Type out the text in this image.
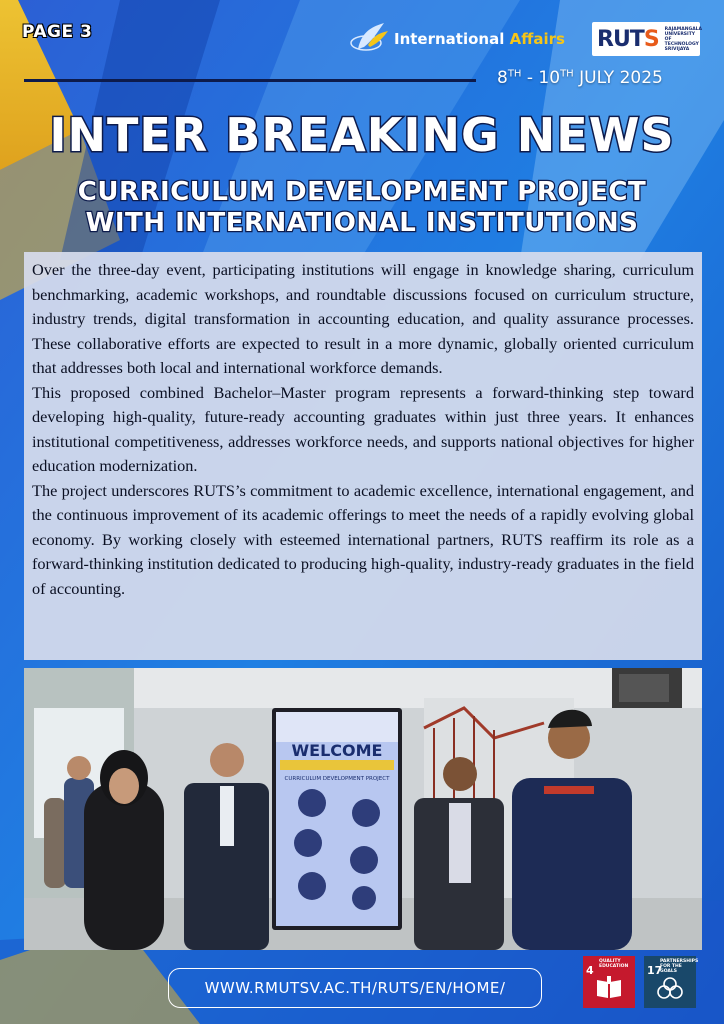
PAGE 3	International Affairs RUTS RAJAMANGALA
UNIVERSITY OF
TECHNOLOGY
SRIVIJAYA
8TH - 10TH JULY 2025
INTER BREAKING NEWS
CURRICULUM DEVELOPMENT PROJECT
WITH INTERNATIONAL INSTITUTIONS

Over the three-day event, participating institutions will engage in knowledge sharing, curriculum benchmarking, academic workshops, and roundtable discussions focused on curriculum structure, industry trends, digital transformation in accounting education, and quality assurance processes. These collaborative efforts are expected to result in a more dynamic, globally oriented curriculum that addresses both local and international workforce demands.

This proposed combined Bachelor–Master program represents a forward-thinking step toward developing high-quality, future-ready accounting graduates within just three years. It enhances institutional competitiveness, addresses workforce needs, and supports national objectives for higher education modernization.

The project underscores RUTS’s commitment to academic excellence, international engagement, and the continuous improvement of its academic offerings to meet the needs of a rapidly evolving global economy. By working closely with esteemed international partners, RUTS reaffirm its role as a forward-thinking institution dedicated to producing high-quality, industry-ready graduates in the field of accounting.

WELCOME
CURRICULUM DEVELOPMENT PROJECT
WWW.RMUTSV.AC.TH/RUTS/EN/HOME/
4
QUALITY
EDUCATION 17
PARTNERSHIPS
FOR THE GOALS
